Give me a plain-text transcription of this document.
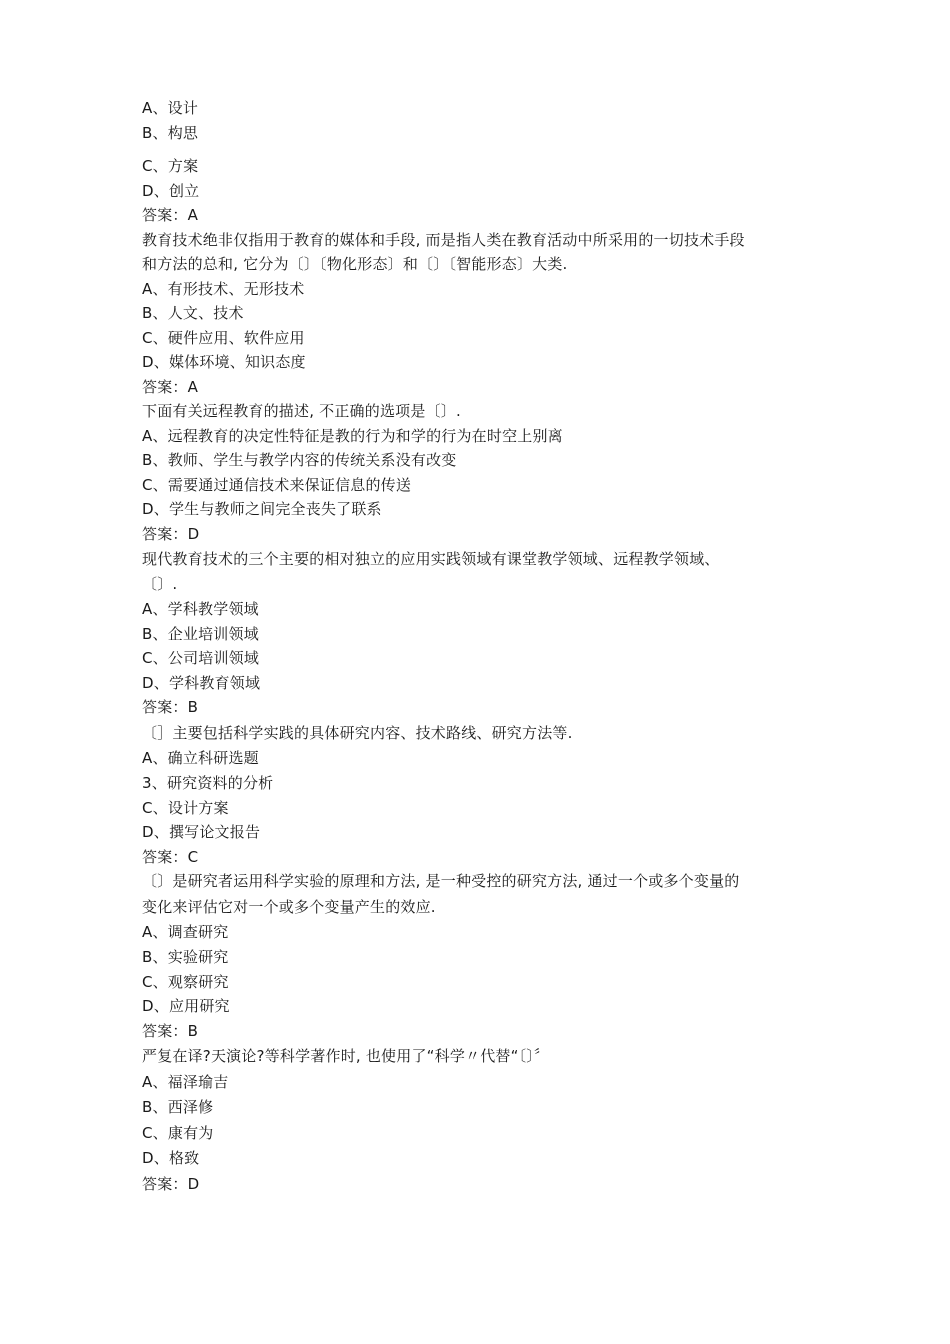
A、设计
B、构思
C、方案
D、创立
答案：A
教育技术绝非仅指用于教育的媒体和手段, 而是指人类在教育活动中所采用的一切技术手段
和方法的总和, 它分为〔〕〔物化形态〕和〔〕〔智能形态〕大类.
A、有形技术、无形技术
B、人文、技术
C、硬件应用、软件应用
D、媒体环境、知识态度
答案：A
下面有关远程教育的描述, 不正确的选项是〔〕.
A、远程教育的决定性特征是教的行为和学的行为在时空上别离
B、教师、学生与教学内容的传统关系没有改变
C、需要通过通信技术来保证信息的传送
D、学生与教师之间完全丧失了联系
答案：D
现代教育技术的三个主要的相对独立的应用实践领域有课堂教学领域、远程教学领域、
〔〕.
A、学科教学领域
B、企业培训领域
C、公司培训领域
D、学科教育领域
答案：B
〔］主要包括科学实践的具体研究内容、技术路线、研究方法等.
A、确立科研选题
3、研究资料的分析
C、设计方案
D、撰写论文报告
答案：C
〔〕是研究者运用科学实验的原理和方法, 是一种受控的研究方法, 通过一个或多个变量的
变化来评估它对一个或多个变量产生的效应.
A、调查研究
B、实验研究
C、观察研究
D、应用研究
答案：B
严复在译?天演论?等科学著作时, 也使用了“科学〃代替“〔〕〞
A、福泽瑜吉
B、西泽修
C、康有为
D、格致
答案：D
